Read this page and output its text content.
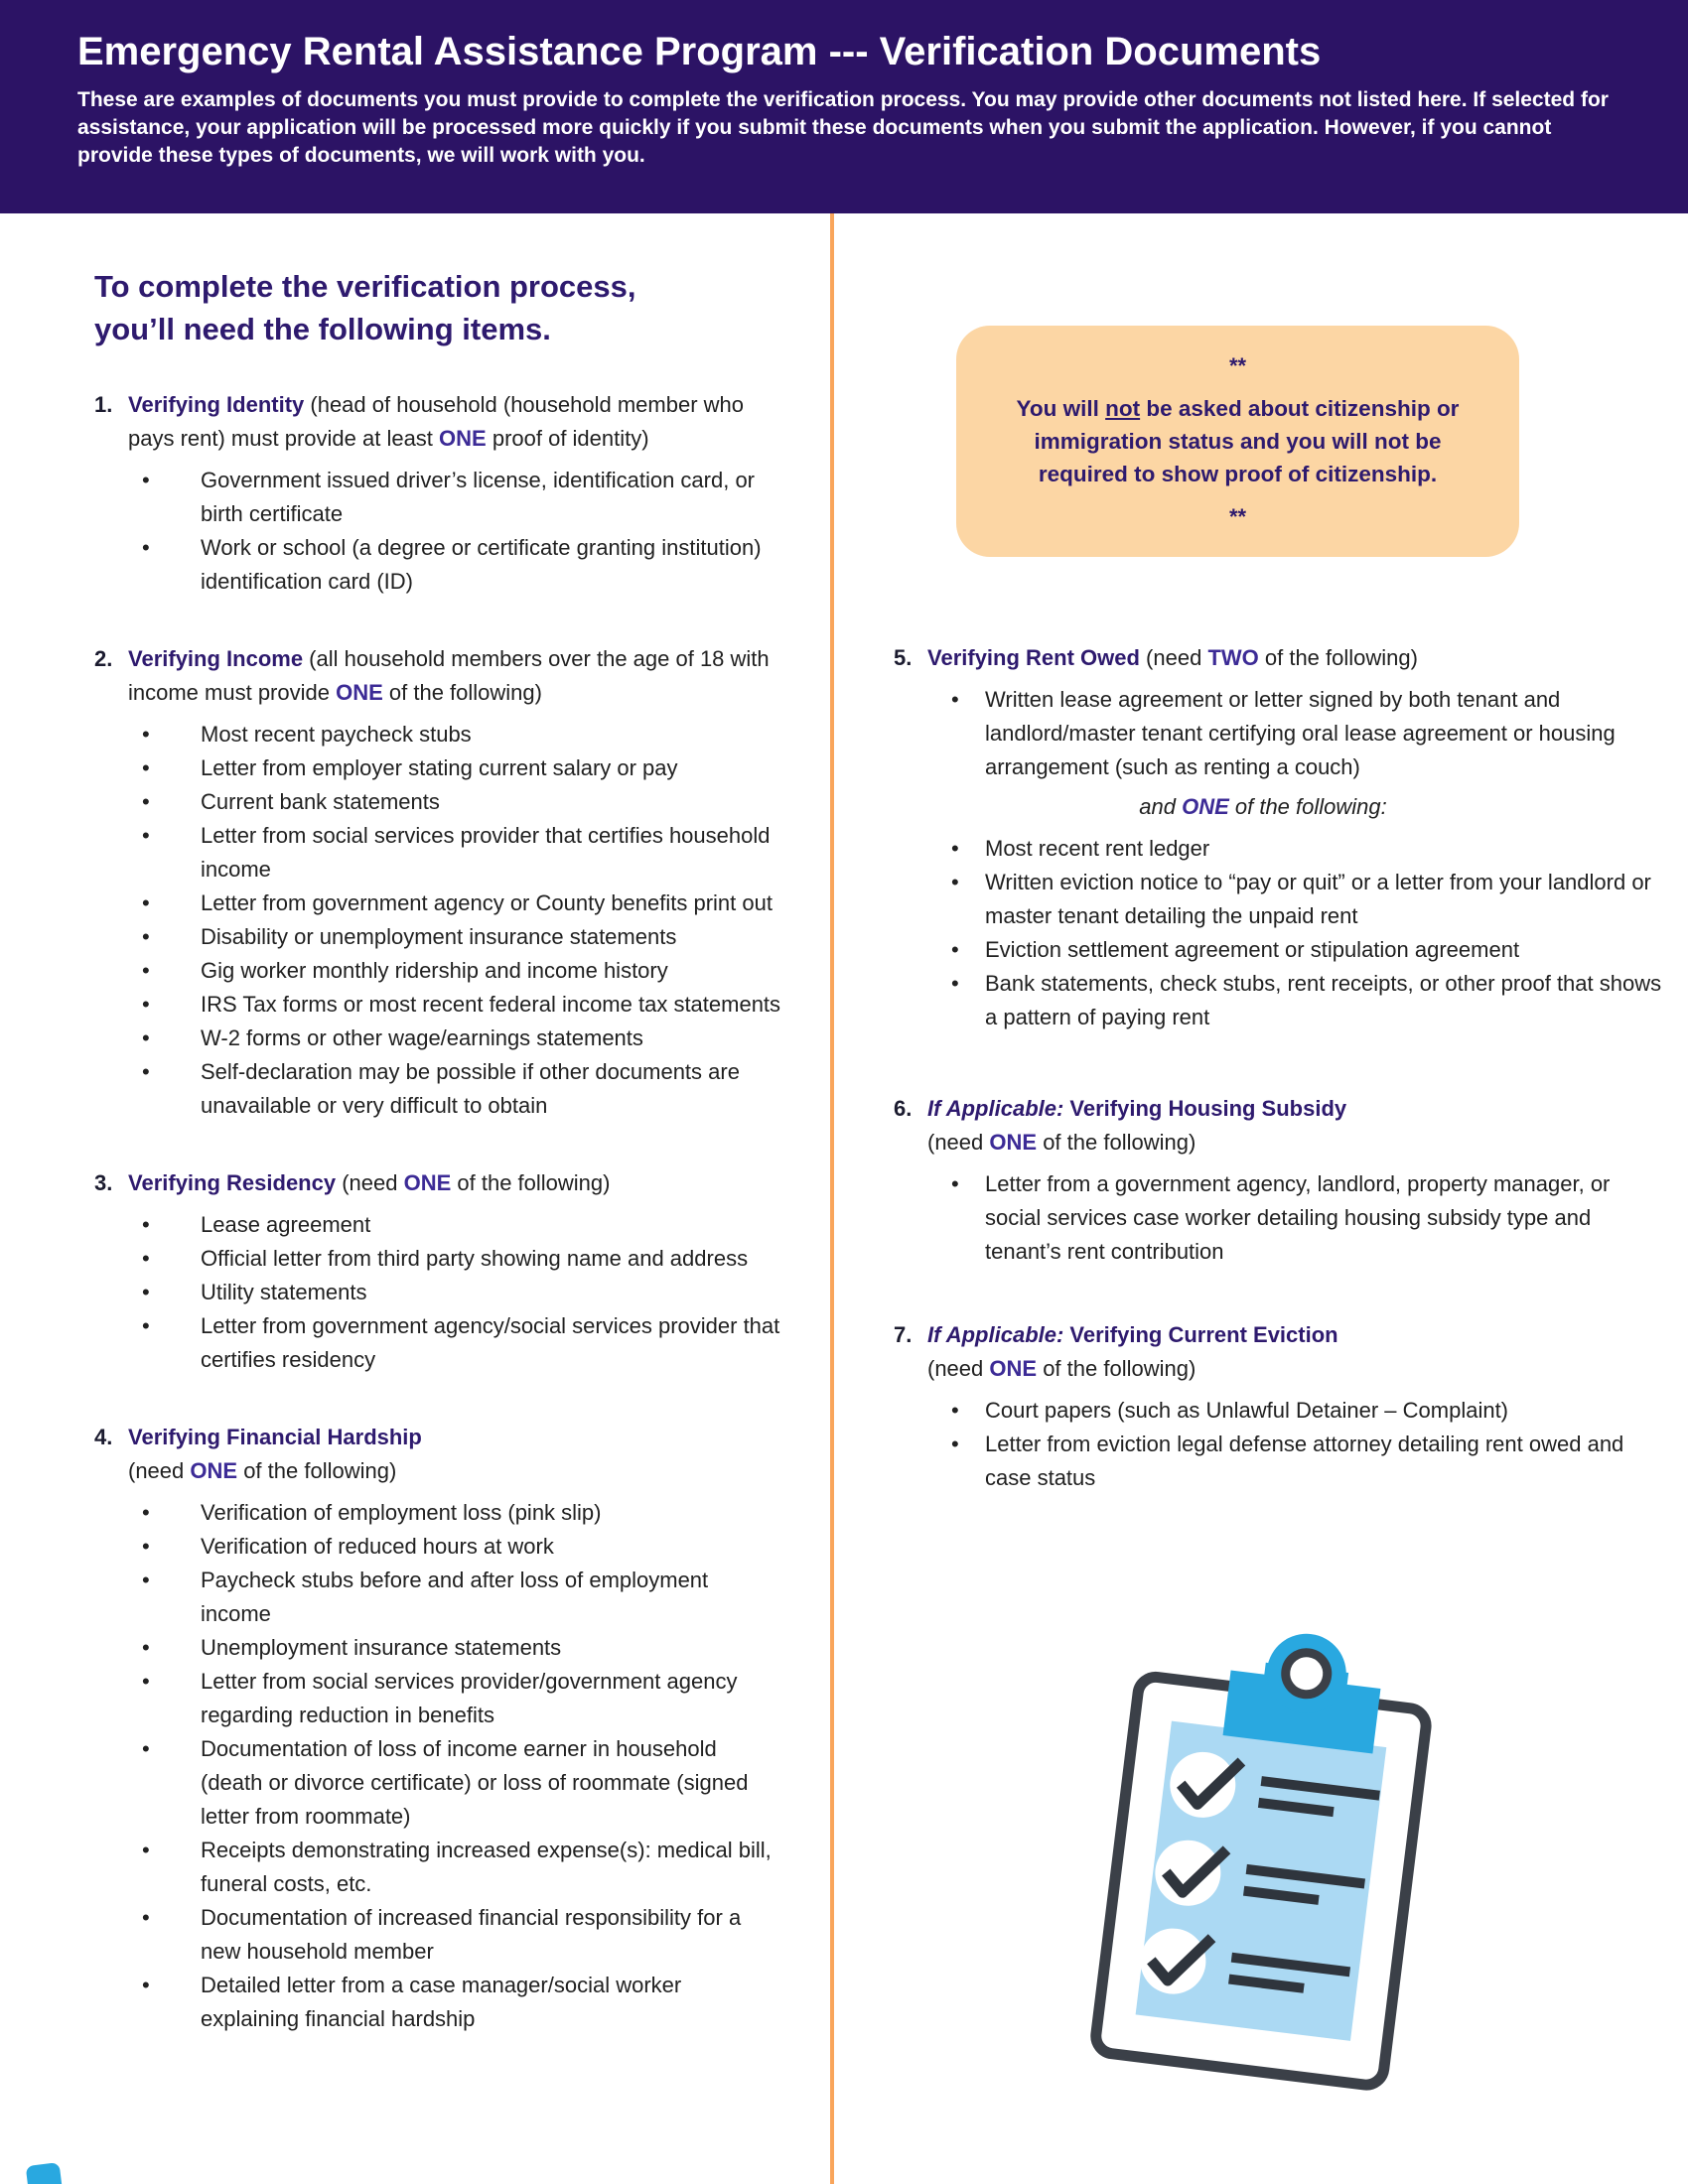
Emergency Rental Assistance Program --- Verification Documents
These are examples of documents you must provide to complete the verification process. You may provide other documents not listed here. If selected for assistance, your application will be processed more quickly if you submit these documents when you submit the application. However, if you cannot provide these types of documents, we will work with you.
To complete the verification process,
you’ll need the following items.
1. Verifying Identity (head of household (household member who pays rent) must provide at least ONE proof of identity)
• Government issued driver’s license, identification card, or birth certificate
• Work or school (a degree or certificate granting institution) identification card (ID)
2. Verifying Income (all household members over the age of 18 with income must provide ONE of the following)
• Most recent paycheck stubs
• Letter from employer stating current salary or pay
• Current bank statements
• Letter from social services provider that certifies household income
• Letter from government agency or County benefits print out
• Disability or unemployment insurance statements
• Gig worker monthly ridership and income history
• IRS Tax forms or most recent federal income tax statements
• W-2 forms or other wage/earnings statements
• Self-declaration may be possible if other documents are unavailable or very difficult to obtain
3. Verifying Residency (need ONE of the following)
• Lease agreement
• Official letter from third party showing name and address
• Utility statements
• Letter from government agency/social services provider that certifies residency
4. Verifying Financial Hardship
(need ONE of the following)
• Verification of employment loss (pink slip)
• Verification of reduced hours at work
• Paycheck stubs before and after loss of employment income
• Unemployment insurance statements
• Letter from social services provider/government agency regarding reduction in benefits
• Documentation of loss of income earner in household (death or divorce certificate) or loss of roommate (signed letter from roommate)
• Receipts demonstrating increased expense(s): medical bill, funeral costs, etc.
• Documentation of increased financial responsibility for a new household member
• Detailed letter from a case manager/social worker explaining financial hardship
**
You will not be asked about citizenship or immigration status and you will not be required to show proof of citizenship.
**
5. Verifying Rent Owed (need TWO of the following)
• Written lease agreement or letter signed by both tenant and landlord/master tenant certifying oral lease agreement or housing arrangement (such as renting a couch)
and ONE of the following:
• Most recent rent ledger
• Written eviction notice to “pay or quit” or a letter from your landlord or master tenant detailing the unpaid rent
• Eviction settlement agreement or stipulation agreement
• Bank statements, check stubs, rent receipts, or other proof that shows a pattern of paying rent
6. If Applicable: Verifying Housing Subsidy
(need ONE of the following)
• Letter from a government agency, landlord, property manager, or social services case worker detailing housing subsidy type and tenant’s rent contribution
7. If Applicable: Verifying Current Eviction
(need ONE of the following)
• Court papers (such as Unlawful Detainer – Complaint)
• Letter from eviction legal defense attorney detailing rent owed and case status
